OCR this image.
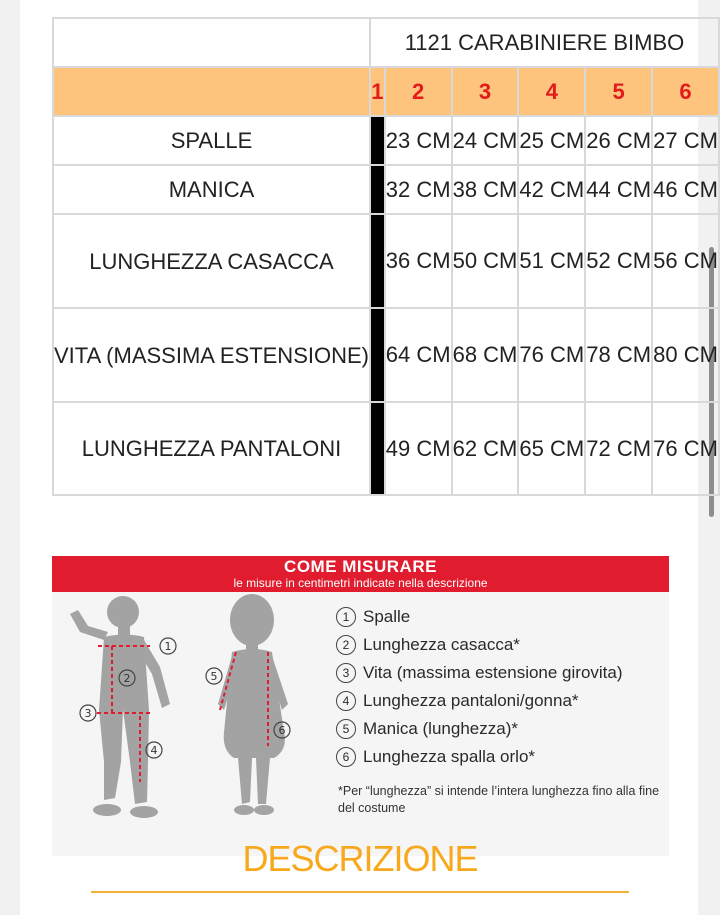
	1121 CARABINIERE BIMBO					
	1	2	3	4	5	6
SPALLE		23 CM	24 CM	25 CM	26 CM	27 CM
MANICA		32 CM	38 CM	42 CM	44 CM	46 CM
LUNGHEZZA CASACCA		36 CM	50 CM	51 CM	52 CM	56 CM
VITA (MASSIMA ESTENSIONE)		64 CM	68 CM	76 CM	78 CM	80 CM
LUNGHEZZA PANTALONI		49 CM	62 CM	65 CM	72 CM	76 CM
COME MISURARE
le misure in centimetri indicate nella descrizione
1
2
3
4
5
6
1 Spalle
2 Lunghezza casacca*
3 Vita (massima estensione girovita)
4 Lunghezza pantaloni/gonna*
5 Manica (lunghezza)*
6 Lunghezza spalla orlo*
*Per “lunghezza” si intende l’intera lunghezza fino alla fine del costume
DESCRIZIONE
